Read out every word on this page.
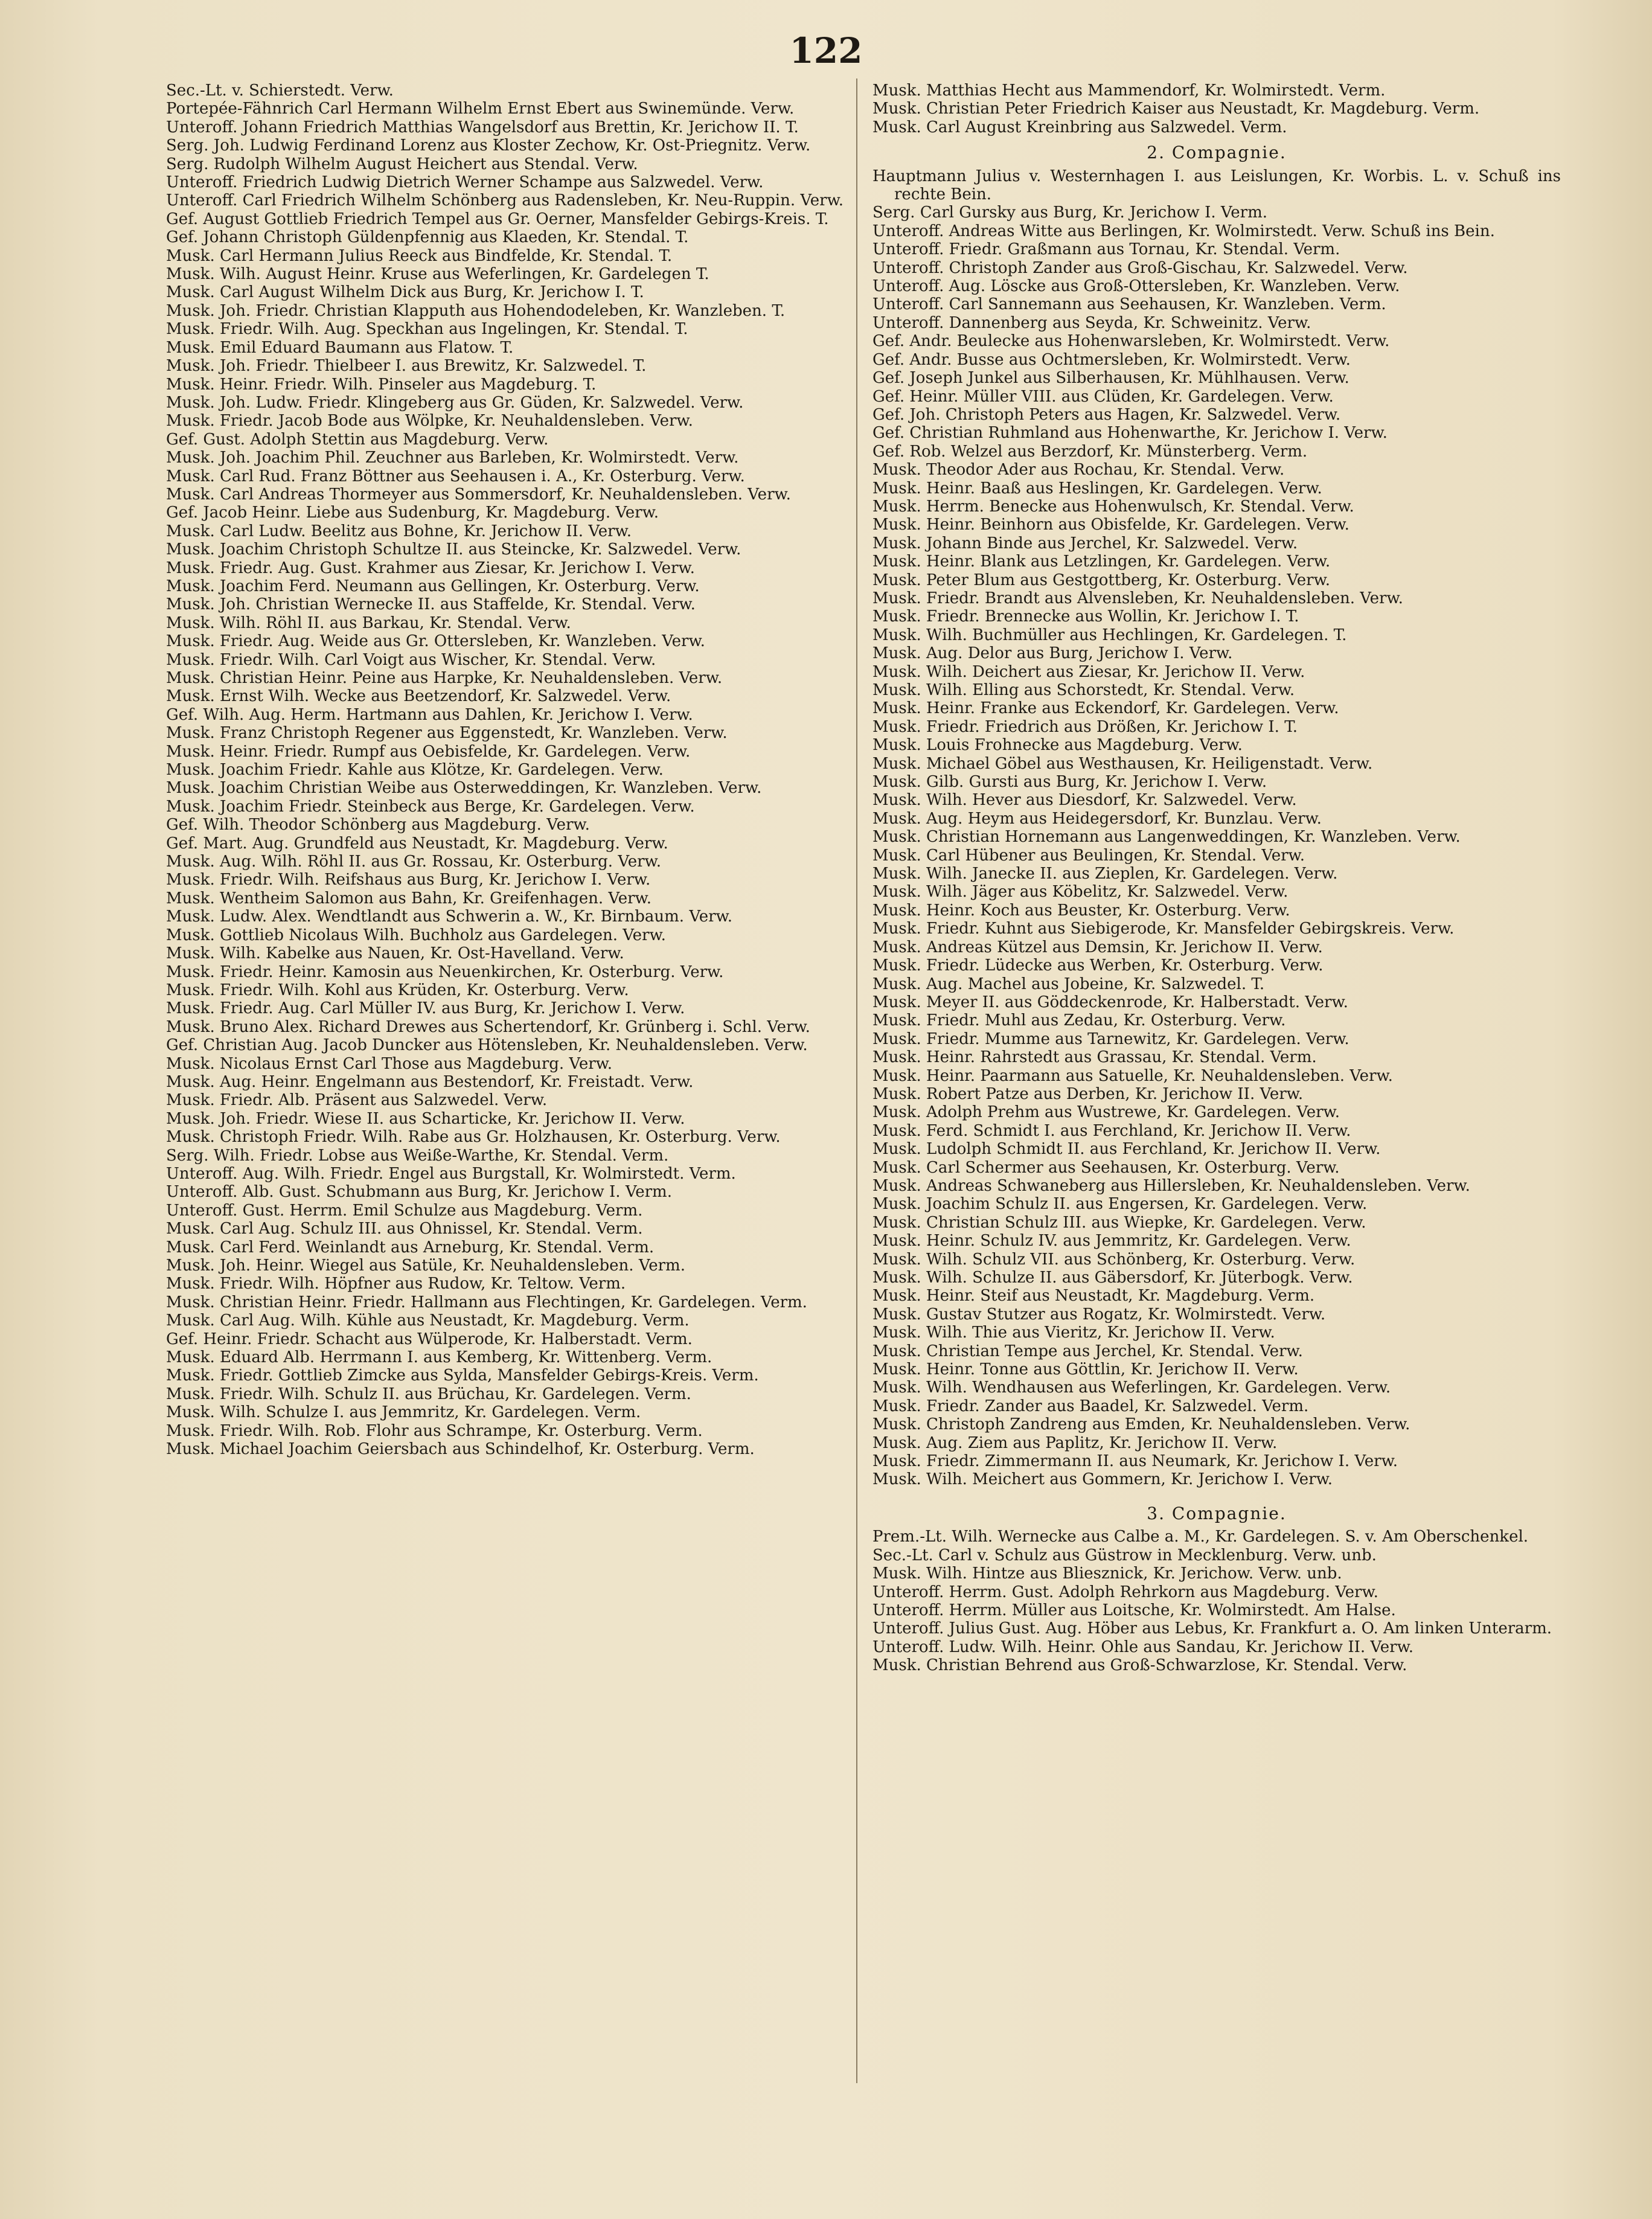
122

Sec.-Lt. v. Schierstedt. Verw.

Portepée-Fähnrich Carl Hermann Wilhelm Ernst Ebert aus Swinemünde. Verw.

Unteroff. Johann Friedrich Matthias Wangelsdorf aus Brettin, Kr. Jerichow II. T.

Serg. Joh. Ludwig Ferdinand Lorenz aus Kloster Zechow, Kr. Ost-Priegnitz. Verw.

Serg. Rudolph Wilhelm August Heichert aus Stendal. Verw.

Unteroff. Friedrich Ludwig Dietrich Werner Schampe aus Salzwedel. Verw.

Unteroff. Carl Friedrich Wilhelm Schönberg aus Radensleben, Kr. Neu-Ruppin. Verw.

Gef. August Gottlieb Friedrich Tempel aus Gr. Oerner, Mansfelder Gebirgs-Kreis. T.

Gef. Johann Christoph Güldenpfennig aus Klaeden, Kr. Stendal. T.

Musk. Carl Hermann Julius Reeck aus Bindfelde, Kr. Stendal. T.

Musk. Wilh. August Heinr. Kruse aus Weferlingen, Kr. Gardelegen T.

Musk. Carl August Wilhelm Dick aus Burg, Kr. Jerichow I. T.

Musk. Joh. Friedr. Christian Klapputh aus Hohendodeleben, Kr. Wanzleben. T.

Musk. Friedr. Wilh. Aug. Speckhan aus Ingelingen, Kr. Stendal. T.

Musk. Emil Eduard Baumann aus Flatow. T.

Musk. Joh. Friedr. Thielbeer I. aus Brewitz, Kr. Salzwedel. T.

Musk. Heinr. Friedr. Wilh. Pinseler aus Magdeburg. T.

Musk. Joh. Ludw. Friedr. Klingeberg aus Gr. Güden, Kr. Salzwedel. Verw.

Musk. Friedr. Jacob Bode aus Wölpke, Kr. Neuhaldensleben. Verw.

Gef. Gust. Adolph Stettin aus Magdeburg. Verw.

Musk. Joh. Joachim Phil. Zeuchner aus Barleben, Kr. Wolmirstedt. Verw.

Musk. Carl Rud. Franz Böttner aus Seehausen i. A., Kr. Osterburg. Verw.

Musk. Carl Andreas Thormeyer aus Sommersdorf, Kr. Neuhaldensleben. Verw.

Gef. Jacob Heinr. Liebe aus Sudenburg, Kr. Magdeburg. Verw.

Musk. Carl Ludw. Beelitz aus Bohne, Kr. Jerichow II. Verw.

Musk. Joachim Christoph Schultze II. aus Steincke, Kr. Salzwedel. Verw.

Musk. Friedr. Aug. Gust. Krahmer aus Ziesar, Kr. Jerichow I. Verw.

Musk. Joachim Ferd. Neumann aus Gellingen, Kr. Osterburg. Verw.

Musk. Joh. Christian Wernecke II. aus Staffelde, Kr. Stendal. Verw.

Musk. Wilh. Röhl II. aus Barkau, Kr. Stendal. Verw.

Musk. Friedr. Aug. Weide aus Gr. Ottersleben, Kr. Wanzleben. Verw.

Musk. Friedr. Wilh. Carl Voigt aus Wischer, Kr. Stendal. Verw.

Musk. Christian Heinr. Peine aus Harpke, Kr. Neuhaldensleben. Verw.

Musk. Ernst Wilh. Wecke aus Beetzendorf, Kr. Salzwedel. Verw.

Gef. Wilh. Aug. Herm. Hartmann aus Dahlen, Kr. Jerichow I. Verw.

Musk. Franz Christoph Regener aus Eggenstedt, Kr. Wanzleben. Verw.

Musk. Heinr. Friedr. Rumpf aus Oebisfelde, Kr. Gardelegen. Verw.

Musk. Joachim Friedr. Kahle aus Klötze, Kr. Gardelegen. Verw.

Musk. Joachim Christian Weibe aus Osterweddingen, Kr. Wanzleben. Verw.

Musk. Joachim Friedr. Steinbeck aus Berge, Kr. Gardelegen. Verw.

Gef. Wilh. Theodor Schönberg aus Magdeburg. Verw.

Gef. Mart. Aug. Grundfeld aus Neustadt, Kr. Magdeburg. Verw.

Musk. Aug. Wilh. Röhl II. aus Gr. Rossau, Kr. Osterburg. Verw.

Musk. Friedr. Wilh. Reifshaus aus Burg, Kr. Jerichow I. Verw.

Musk. Wentheim Salomon aus Bahn, Kr. Greifenhagen. Verw.

Musk. Ludw. Alex. Wendtlandt aus Schwerin a. W., Kr. Birnbaum. Verw.

Musk. Gottlieb Nicolaus Wilh. Buchholz aus Gardelegen. Verw.

Musk. Wilh. Kabelke aus Nauen, Kr. Ost-Havelland. Verw.

Musk. Friedr. Heinr. Kamosin aus Neuenkirchen, Kr. Osterburg. Verw.

Musk. Friedr. Wilh. Kohl aus Krüden, Kr. Osterburg. Verw.

Musk. Friedr. Aug. Carl Müller IV. aus Burg, Kr. Jerichow I. Verw.

Musk. Bruno Alex. Richard Drewes aus Schertendorf, Kr. Grünberg i. Schl. Verw.

Gef. Christian Aug. Jacob Duncker aus Hötensleben, Kr. Neuhaldensleben. Verw.

Musk. Nicolaus Ernst Carl Those aus Magdeburg. Verw.

Musk. Aug. Heinr. Engelmann aus Bestendorf, Kr. Freistadt. Verw.

Musk. Friedr. Alb. Präsent aus Salzwedel. Verw.

Musk. Joh. Friedr. Wiese II. aus Scharticke, Kr. Jerichow II. Verw.

Musk. Christoph Friedr. Wilh. Rabe aus Gr. Holzhausen, Kr. Osterburg. Verw.

Serg. Wilh. Friedr. Lobse aus Weiße-Warthe, Kr. Stendal. Verm.

Unteroff. Aug. Wilh. Friedr. Engel aus Burgstall, Kr. Wolmirstedt. Verm.

Unteroff. Alb. Gust. Schubmann aus Burg, Kr. Jerichow I. Verm.

Unteroff. Gust. Herrm. Emil Schulze aus Magdeburg. Verm.

Musk. Carl Aug. Schulz III. aus Ohnissel, Kr. Stendal. Verm.

Musk. Carl Ferd. Weinlandt aus Arneburg, Kr. Stendal. Verm.

Musk. Joh. Heinr. Wiegel aus Satüle, Kr. Neuhaldensleben. Verm.

Musk. Friedr. Wilh. Höpfner aus Rudow, Kr. Teltow. Verm.

Musk. Christian Heinr. Friedr. Hallmann aus Flechtingen, Kr. Gardelegen. Verm.

Musk. Carl Aug. Wilh. Kühle aus Neustadt, Kr. Magdeburg. Verm.

Gef. Heinr. Friedr. Schacht aus Wülperode, Kr. Halberstadt. Verm.

Musk. Eduard Alb. Herrmann I. aus Kemberg, Kr. Wittenberg. Verm.

Musk. Friedr. Gottlieb Zimcke aus Sylda, Mansfelder Gebirgs-Kreis. Verm.

Musk. Friedr. Wilh. Schulz II. aus Brüchau, Kr. Gardelegen. Verm.

Musk. Wilh. Schulze I. aus Jemmritz, Kr. Gardelegen. Verm.

Musk. Friedr. Wilh. Rob. Flohr aus Schrampe, Kr. Osterburg. Verm.

Musk. Michael Joachim Geiersbach aus Schindelhof, Kr. Osterburg. Verm.

Musk. Matthias Hecht aus Mammendorf, Kr. Wolmirstedt. Verm.

Musk. Christian Peter Friedrich Kaiser aus Neustadt, Kr. Magdeburg. Verm.

Musk. Carl August Kreinbring aus Salzwedel. Verm.

2. Compagnie.

Hauptmann Julius v. Westernhagen I. aus Leislungen, Kr. Worbis. L. v. Schuß ins rechte Bein.

Serg. Carl Gursky aus Burg, Kr. Jerichow I. Verm.

Unteroff. Andreas Witte aus Berlingen, Kr. Wolmirstedt. Verw. Schuß ins Bein.

Unteroff. Friedr. Graßmann aus Tornau, Kr. Stendal. Verm.

Unteroff. Christoph Zander aus Groß-Gischau, Kr. Salzwedel. Verw.

Unteroff. Aug. Löscke aus Groß-Ottersleben, Kr. Wanzleben. Verw.

Unteroff. Carl Sannemann aus Seehausen, Kr. Wanzleben. Verm.

Unteroff. Dannenberg aus Seyda, Kr. Schweinitz. Verw.

Gef. Andr. Beulecke aus Hohenwarsleben, Kr. Wolmirstedt. Verw.

Gef. Andr. Busse aus Ochtmersleben, Kr. Wolmirstedt. Verw.

Gef. Joseph Junkel aus Silberhausen, Kr. Mühlhausen. Verw.

Gef. Heinr. Müller VIII. aus Clüden, Kr. Gardelegen. Verw.

Gef. Joh. Christoph Peters aus Hagen, Kr. Salzwedel. Verw.

Gef. Christian Ruhmland aus Hohenwarthe, Kr. Jerichow I. Verw.

Gef. Rob. Welzel aus Berzdorf, Kr. Münsterberg. Verm.

Musk. Theodor Ader aus Rochau, Kr. Stendal. Verw.

Musk. Heinr. Baaß aus Heslingen, Kr. Gardelegen. Verw.

Musk. Herrm. Benecke aus Hohenwulsch, Kr. Stendal. Verw.

Musk. Heinr. Beinhorn aus Obisfelde, Kr. Gardelegen. Verw.

Musk. Johann Binde aus Jerchel, Kr. Salzwedel. Verw.

Musk. Heinr. Blank aus Letzlingen, Kr. Gardelegen. Verw.

Musk. Peter Blum aus Gestgottberg, Kr. Osterburg. Verw.

Musk. Friedr. Brandt aus Alvensleben, Kr. Neuhaldensleben. Verw.

Musk. Friedr. Brennecke aus Wollin, Kr. Jerichow I. T.

Musk. Wilh. Buchmüller aus Hechlingen, Kr. Gardelegen. T.

Musk. Aug. Delor aus Burg, Jerichow I. Verw.

Musk. Wilh. Deichert aus Ziesar, Kr. Jerichow II. Verw.

Musk. Wilh. Elling aus Schorstedt, Kr. Stendal. Verw.

Musk. Heinr. Franke aus Eckendorf, Kr. Gardelegen. Verw.

Musk. Friedr. Friedrich aus Drößen, Kr. Jerichow I. T.

Musk. Louis Frohnecke aus Magdeburg. Verw.

Musk. Michael Göbel aus Westhausen, Kr. Heiligenstadt. Verw.

Musk. Gilb. Gursti aus Burg, Kr. Jerichow I. Verw.

Musk. Wilh. Hever aus Diesdorf, Kr. Salzwedel. Verw.

Musk. Aug. Heym aus Heidegersdorf, Kr. Bunzlau. Verw.

Musk. Christian Hornemann aus Langenweddingen, Kr. Wanzleben. Verw.

Musk. Carl Hübener aus Beulingen, Kr. Stendal. Verw.

Musk. Wilh. Janecke II. aus Zieplen, Kr. Gardelegen. Verw.

Musk. Wilh. Jäger aus Köbelitz, Kr. Salzwedel. Verw.

Musk. Heinr. Koch aus Beuster, Kr. Osterburg. Verw.

Musk. Friedr. Kuhnt aus Siebigerode, Kr. Mansfelder Gebirgskreis. Verw.

Musk. Andreas Kützel aus Demsin, Kr. Jerichow II. Verw.

Musk. Friedr. Lüdecke aus Werben, Kr. Osterburg. Verw.

Musk. Aug. Machel aus Jobeine, Kr. Salzwedel. T.

Musk. Meyer II. aus Göddeckenrode, Kr. Halberstadt. Verw.

Musk. Friedr. Muhl aus Zedau, Kr. Osterburg. Verw.

Musk. Friedr. Mumme aus Tarnewitz, Kr. Gardelegen. Verw.

Musk. Heinr. Rahrstedt aus Grassau, Kr. Stendal. Verm.

Musk. Heinr. Paarmann aus Satuelle, Kr. Neuhaldensleben. Verw.

Musk. Robert Patze aus Derben, Kr. Jerichow II. Verw.

Musk. Adolph Prehm aus Wustrewe, Kr. Gardelegen. Verw.

Musk. Ferd. Schmidt I. aus Ferchland, Kr. Jerichow II. Verw.

Musk. Ludolph Schmidt II. aus Ferchland, Kr. Jerichow II. Verw.

Musk. Carl Schermer aus Seehausen, Kr. Osterburg. Verw.

Musk. Andreas Schwaneberg aus Hillersleben, Kr. Neuhaldensleben. Verw.

Musk. Joachim Schulz II. aus Engersen, Kr. Gardelegen. Verw.

Musk. Christian Schulz III. aus Wiepke, Kr. Gardelegen. Verw.

Musk. Heinr. Schulz IV. aus Jemmritz, Kr. Gardelegen. Verw.

Musk. Wilh. Schulz VII. aus Schönberg, Kr. Osterburg. Verw.

Musk. Wilh. Schulze II. aus Gäbersdorf, Kr. Jüterbogk. Verw.

Musk. Heinr. Steif aus Neustadt, Kr. Magdeburg. Verm.

Musk. Gustav Stutzer aus Rogatz, Kr. Wolmirstedt. Verw.

Musk. Wilh. Thie aus Vieritz, Kr. Jerichow II. Verw.

Musk. Christian Tempe aus Jerchel, Kr. Stendal. Verw.

Musk. Heinr. Tonne aus Göttlin, Kr. Jerichow II. Verw.

Musk. Wilh. Wendhausen aus Weferlingen, Kr. Gardelegen. Verw.

Musk. Friedr. Zander aus Baadel, Kr. Salzwedel. Verm.

Musk. Christoph Zandreng aus Emden, Kr. Neuhaldensleben. Verw.

Musk. Aug. Ziem aus Paplitz, Kr. Jerichow II. Verw.

Musk. Friedr. Zimmermann II. aus Neumark, Kr. Jerichow I. Verw.

Musk. Wilh. Meichert aus Gommern, Kr. Jerichow I. Verw.

3. Compagnie.

Prem.-Lt. Wilh. Wernecke aus Calbe a. M., Kr. Gardelegen. S. v. Am Oberschenkel.

Sec.-Lt. Carl v. Schulz aus Güstrow in Mecklenburg. Verw. unb.

Musk. Wilh. Hintze aus Bliesznick, Kr. Jerichow. Verw. unb.

Unteroff. Herrm. Gust. Adolph Rehrkorn aus Magdeburg. Verw.

Unteroff. Herrm. Müller aus Loitsche, Kr. Wolmirstedt. Am Halse.

Unteroff. Julius Gust. Aug. Höber aus Lebus, Kr. Frankfurt a. O. Am linken Unterarm.

Unteroff. Ludw. Wilh. Heinr. Ohle aus Sandau, Kr. Jerichow II. Verw.

Musk. Christian Behrend aus Groß-Schwarzlose, Kr. Stendal. Verw.
